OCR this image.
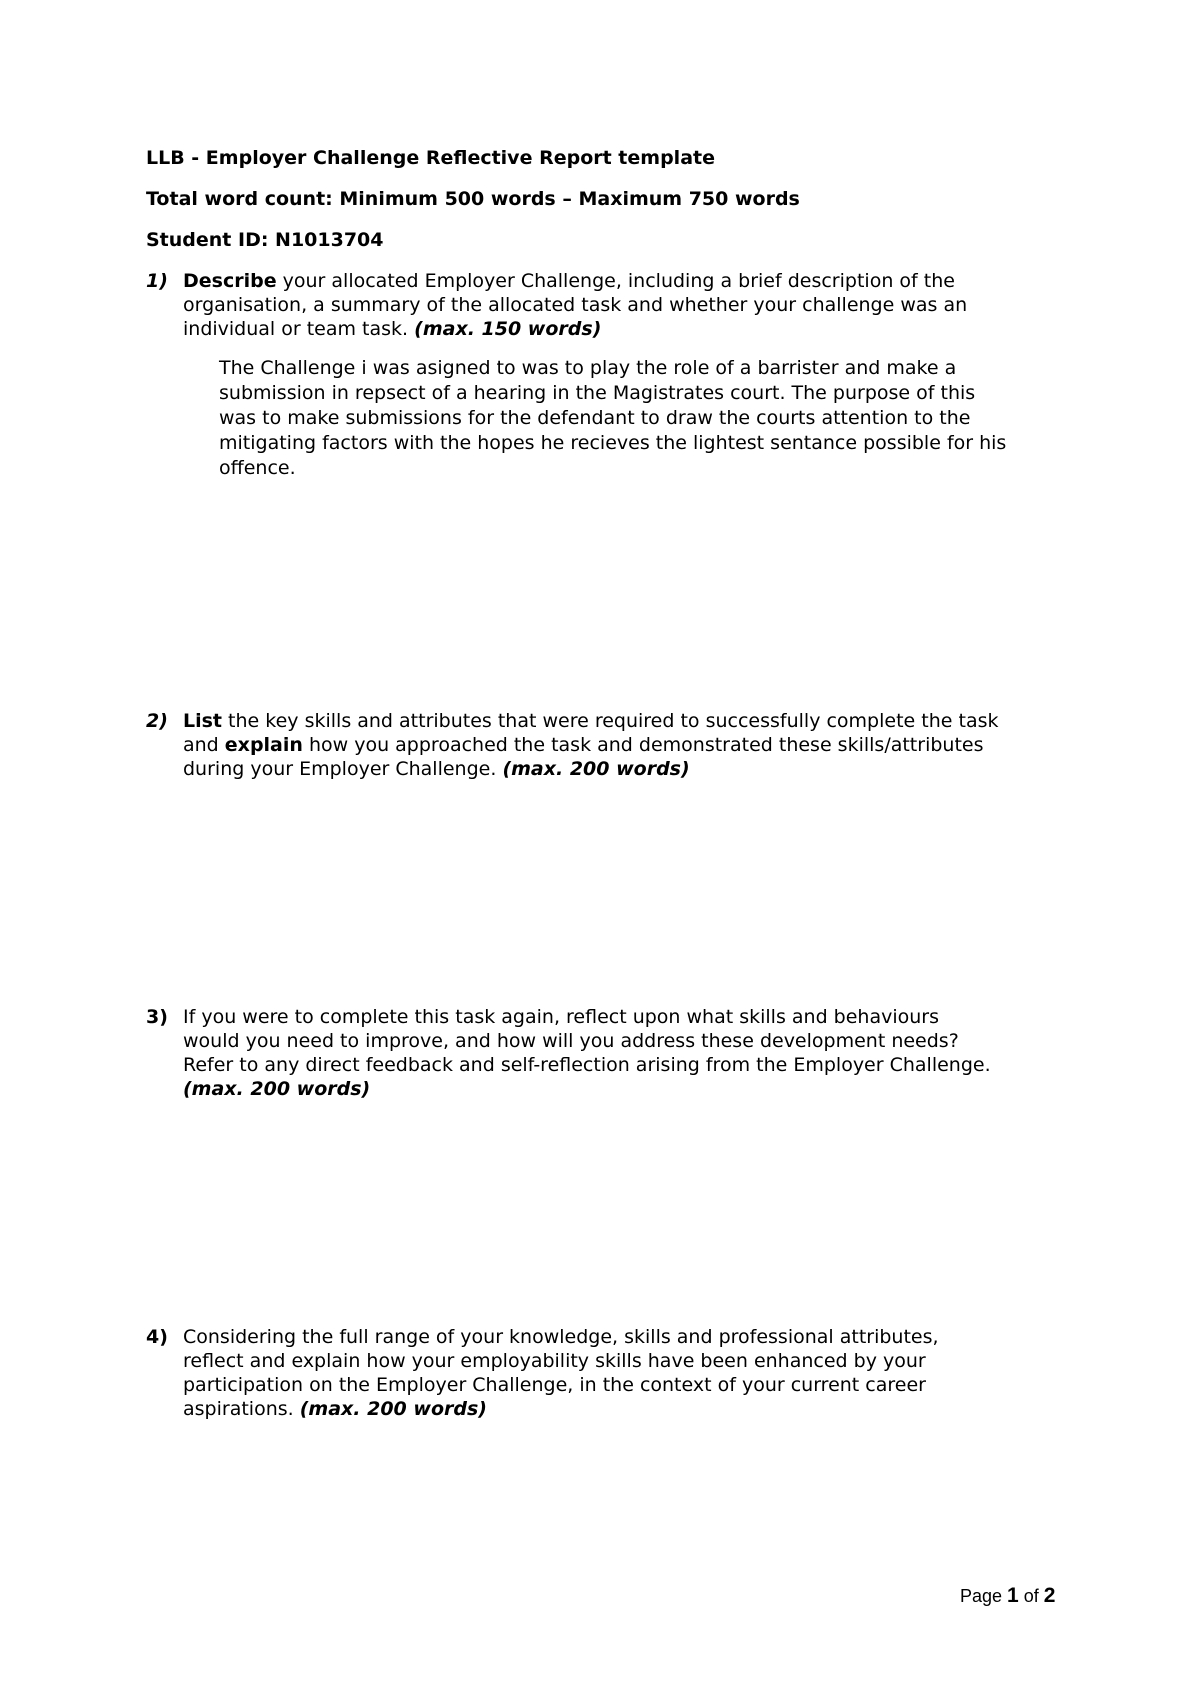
LLB - Employer Challenge Reflective Report template
Total word count: Minimum 500 words – Maximum 750 words
Student ID: N1013704
1) Describe your allocated Employer Challenge, including a brief description of the
organisation, a summary of the allocated task and whether your challenge was an
individual or team task. (max. 150 words)
The Challenge i was asigned to was to play the role of a barrister and make a
submission in repsect of a hearing in the Magistrates court. The purpose of this
was to make submissions for the defendant to draw the courts attention to the
mitigating factors with the hopes he recieves the lightest sentance possible for his
offence.
2) List the key skills and attributes that were required to successfully complete the task
and explain how you approached the task and demonstrated these skills/attributes
during your Employer Challenge. (max. 200 words)
3) If you were to complete this task again, reflect upon what skills and behaviours
would you need to improve, and how will you address these development needs?
Refer to any direct feedback and self-reflection arising from the Employer Challenge.
(max. 200 words)
4) Considering the full range of your knowledge, skills and professional attributes,
reflect and explain how your employability skills have been enhanced by your
participation on the Employer Challenge, in the context of your current career
aspirations. (max. 200 words)
Page 1 of 2
